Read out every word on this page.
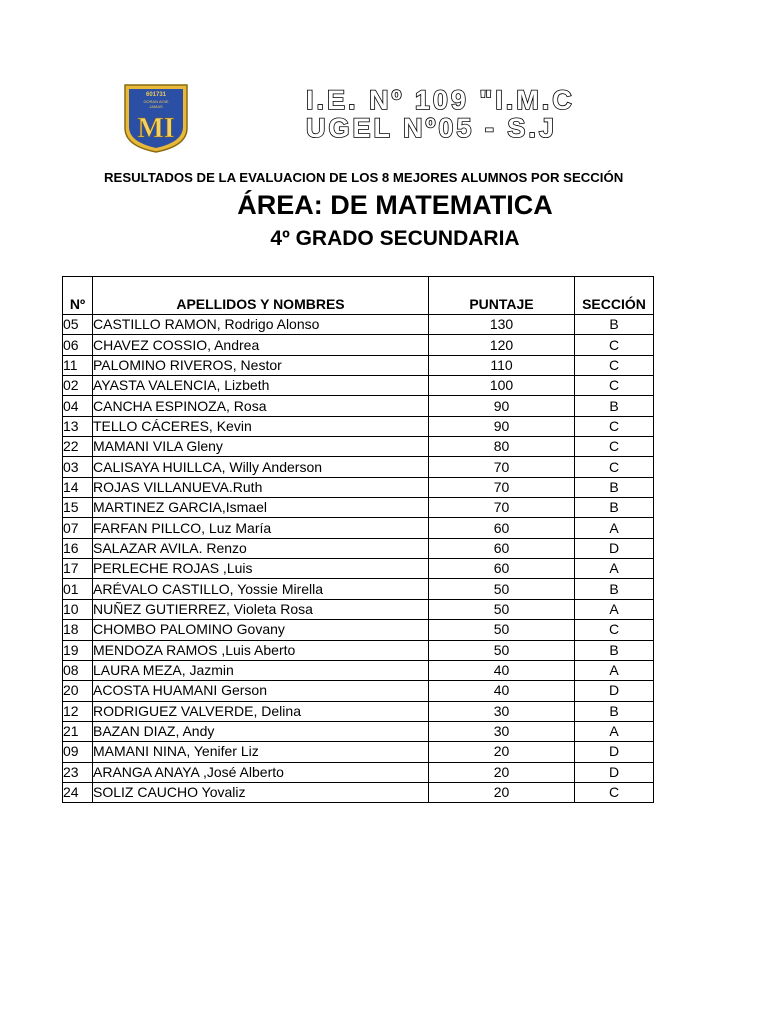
601731
GORAN AOIE
JAMAS
MI
I.E. Nº 109 "I.M.C
UGEL Nº05 - S.J
RESULTADOS DE LA EVALUACION DE LOS 8 MEJORES ALUMNOS POR SECCIÓN
ÁREA: DE MATEMATICA
4º GRADO SECUNDARIA
Nº	APELLIDOS Y NOMBRES	PUNTAJE	SECCIÓN
05	CASTILLO RAMON, Rodrigo Alonso	130	B
06	CHAVEZ COSSIO, Andrea	120	C
11	PALOMINO RIVEROS, Nestor	110	C
02	AYASTA VALENCIA, Lizbeth	100	C
04	CANCHA ESPINOZA, Rosa	90	B
13	TELLO CÁCERES, Kevin	90	C
22	MAMANI VILA Gleny	80	C
03	CALISAYA HUILLCA, Willy Anderson	70	C
14	ROJAS VILLANUEVA.Ruth	70	B
15	MARTINEZ GARCIA,Ismael	70	B
07	FARFAN PILLCO, Luz María	60	A
16	SALAZAR AVILA. Renzo	60	D
17	PERLECHE ROJAS ,Luis	60	A
01	ARÉVALO CASTILLO, Yossie Mirella	50	B
10	NUÑEZ GUTIERREZ, Violeta Rosa	50	A
18	CHOMBO PALOMINO Govany	50	C
19	MENDOZA RAMOS ,Luis Aberto	50	B
08	LAURA MEZA, Jazmin	40	A
20	ACOSTA HUAMANI Gerson	40	D
12	RODRIGUEZ VALVERDE, Delina	30	B
21	BAZAN DIAZ, Andy	30	A
09	MAMANI NINA, Yenifer Liz	20	D
23	ARANGA ANAYA ,José Alberto	20	D
24	SOLIZ CAUCHO Yovaliz	20	C
